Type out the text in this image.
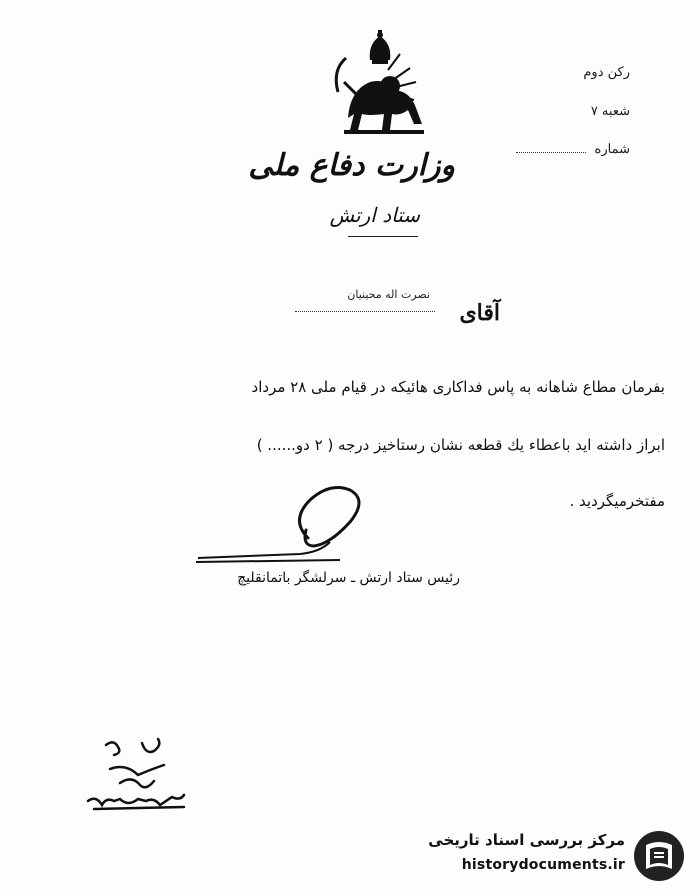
رکن دوم
شعبه ۷
شماره
وزارت دفاع ملی
ستاد ارتش
نصرت اله محینیان
آقای
بفرمان مطاع شاهانه به پاس فداکاری هائیکه در قیام ملی ۲۸ مرداد
ابراز داشته اید باعطاء یك قطعه نشان رستاخیز درجه ( ۲ دو...... )
مفتخرمیگردید .
رئیس ستاد ارتش ـ سرلشگر باتمانقلیچ
مرکز بررسی اسناد تاریخی
historydocuments.ir
